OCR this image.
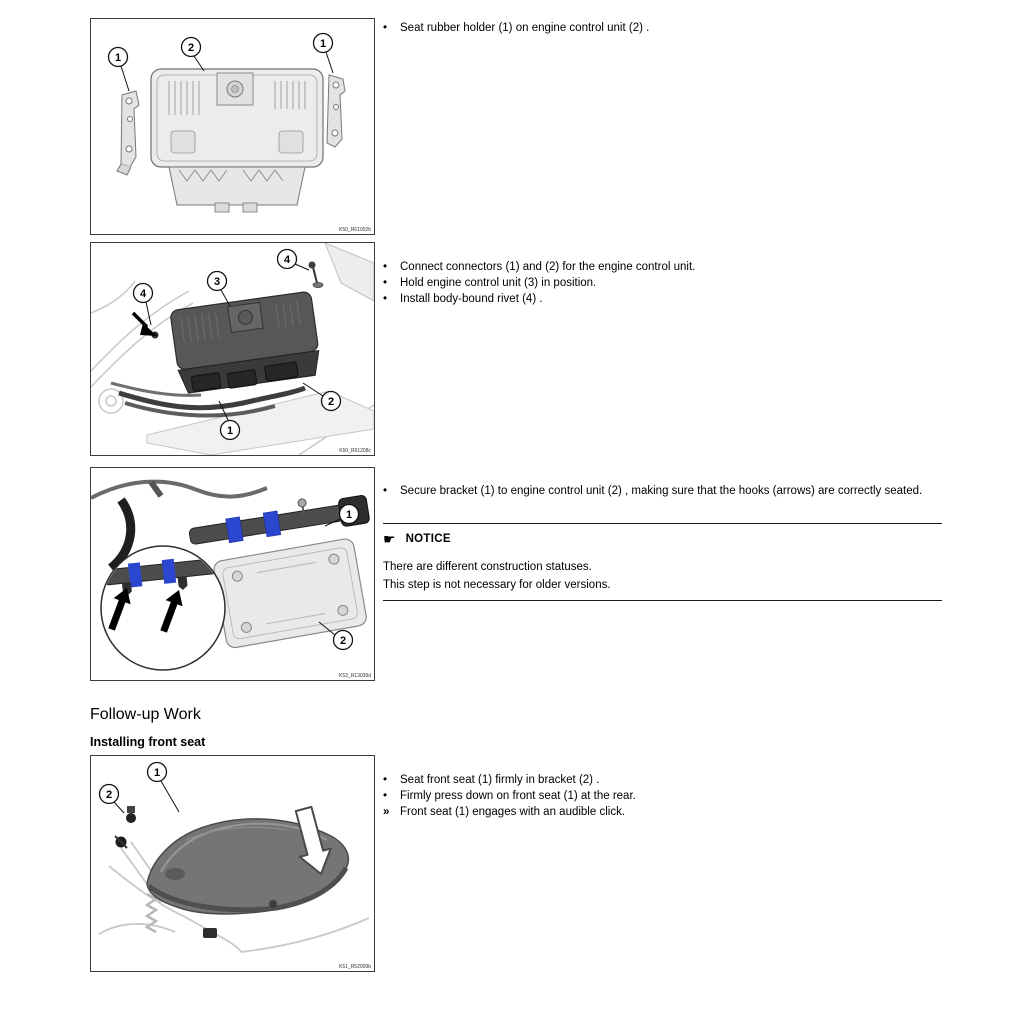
1
2	1
K50_R61002b
4
3
4
2
1
K50_R61208c
1
2
K53_R13039d
1
2
K51_R52009b
•	Seat rubber holder (1) on engine control unit (2) .
•	Connect connectors (1) and (2) for the engine control unit.
•	Hold engine control unit (3) in position.
•	Install body-bound rivet (4) .
•	Secure bracket (1) to engine control unit (2) , making sure that the hooks (arrows) are correctly seated.
☛ NOTICE
There are different construction statuses.
This step is not necessary for older versions.
Follow-up Work
Installing front seat
•	Seat front seat (1) firmly in bracket (2) .
•	Firmly press down on front seat (1) at the rear.
» Front seat (1) engages with an audible click.
